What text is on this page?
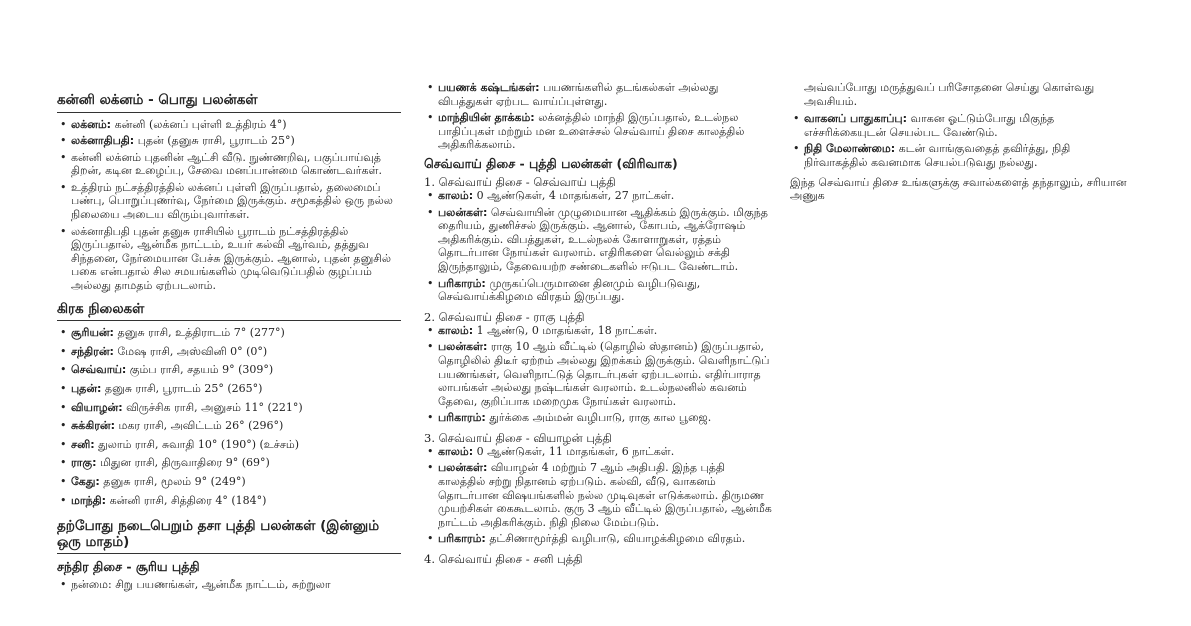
கன்னி லக்னம் - பொது பலன்கள்
• லக்னம்: கன்னி (லக்னப் புள்ளி உத்திரம் 4°)
• லக்னாதிபதி: புதன் (தனுசு ராசி, பூராடம் 25°)
• கன்னி லக்னம் புதனின் ஆட்சி வீடு. நுண்ணறிவு, பகுப்பாய்வுத் திறன், கடின உழைப்பு, சேவை மனப்பான்மை கொண்டவர்கள்.
• உத்திரம் நட்சத்திரத்தில் லக்னப் புள்ளி இருப்பதால், தலைமைப் பண்பு, பொறுப்புணர்வு, நேர்மை இருக்கும். சமூகத்தில் ஒரு நல்ல நிலையை அடைய விரும்புவார்கள்.
• லக்னாதிபதி புதன் தனுசு ராசியில் பூராடம் நட்சத்திரத்தில் இருப்பதால், ஆன்மீக நாட்டம், உயர் கல்வி ஆர்வம், தத்துவ சிந்தனை, நேர்மையான பேச்சு இருக்கும். ஆனால், புதன் தனுசில் பகை என்பதால் சில சமயங்களில் முடிவெடுப்பதில் குழப்பம் அல்லது தாமதம் ஏற்படலாம்.
கிரக நிலைகள்
• சூரியன்: தனுசு ராசி, உத்திராடம் 7° (277°)
• சந்திரன்: மேஷ ராசி, அஸ்வினி 0° (0°)
• செவ்வாய்: கும்ப ராசி, சதயம் 9° (309°)
• புதன்: தனுசு ராசி, பூராடம் 25° (265°)
• வியாழன்: விருச்சிக ராசி, அனுசம் 11° (221°)
• சுக்கிரன்: மகர ராசி, அவிட்டம் 26° (296°)
• சனி: துலாம் ராசி, சுவாதி 10° (190°) (உச்சம்)
• ராகு: மிதுன ராசி, திருவாதிரை 9° (69°)
• கேது: தனுசு ராசி, மூலம் 9° (249°)
• மாந்தி: கன்னி ராசி, சித்திரை 4° (184°)
தற்போது நடைபெறும் தசா புத்தி பலன்கள் (இன்னும் ஒரு மாதம்)
சந்திர திசை - சூரிய புத்தி
• நன்மை: சிறு பயணங்கள், ஆன்மீக நாட்டம், சுற்றுலா
• பயணக் கஷ்டங்கள்: பயணங்களில் தடங்கல்கள் அல்லது விபத்துகள் ஏற்பட வாய்ப்புள்ளது.
• மாந்தியின் தாக்கம்: லக்னத்தில் மாந்தி இருப்பதால், உடல்நல பாதிப்புகள் மற்றும் மன உளைச்சல் செவ்வாய் திசை காலத்தில் அதிகரிக்கலாம்.
செவ்வாய் திசை - புத்தி பலன்கள் (விரிவாக)

1. செவ்வாய் திசை - செவ்வாய் புத்தி

• காலம்: 0 ஆண்டுகள், 4 மாதங்கள், 27 நாட்கள்.
• பலன்கள்: செவ்வாயின் முழுமையான ஆதிக்கம் இருக்கும். மிகுந்த தைரியம், துணிச்சல் இருக்கும். ஆனால், கோபம், ஆக்ரோஷம் அதிகரிக்கும். விபத்துகள், உடல்நலக் கோளாறுகள், ரத்தம் தொடர்பான நோய்கள் வரலாம். எதிரிகளை வெல்லும் சக்தி இருந்தாலும், தேவையற்ற சண்டைகளில் ஈடுபட வேண்டாம்.
• பரிகாரம்: முருகப்பெருமானை தினமும் வழிபடுவது, செவ்வாய்க்கிழமை விரதம் இருப்பது.

2. செவ்வாய் திசை - ராகு புத்தி

• காலம்: 1 ஆண்டு, 0 மாதங்கள், 18 நாட்கள்.
• பலன்கள்: ராகு 10 ஆம் வீட்டில் (தொழில் ஸ்தானம்) இருப்பதால், தொழிலில் திடீர் ஏற்றம் அல்லது இறக்கம் இருக்கும். வெளிநாட்டுப் பயணங்கள், வெளிநாட்டுத் தொடர்புகள் ஏற்படலாம். எதிர்பாராத லாபங்கள் அல்லது நஷ்டங்கள் வரலாம். உடல்நலனில் கவனம் தேவை, குறிப்பாக மறைமுக நோய்கள் வரலாம்.
• பரிகாரம்: துர்க்கை அம்மன் வழிபாடு, ராகு கால பூஜை.

3. செவ்வாய் திசை - வியாழன் புத்தி

• காலம்: 0 ஆண்டுகள், 11 மாதங்கள், 6 நாட்கள்.
• பலன்கள்: வியாழன் 4 மற்றும் 7 ஆம் அதிபதி. இந்த புத்தி காலத்தில் சற்று நிதானம் ஏற்படும். கல்வி, வீடு, வாகனம் தொடர்பான விஷயங்களில் நல்ல முடிவுகள் எடுக்கலாம். திருமண முயற்சிகள் கைகூடலாம். குரு 3 ஆம் வீட்டில் இருப்பதால், ஆன்மீக நாட்டம் அதிகரிக்கும். நிதி நிலை மேம்படும்.
• பரிகாரம்: தட்சிணாமூர்த்தி வழிபாடு, வியாழக்கிழமை விரதம்.

4. செவ்வாய் திசை - சனி புத்தி

அவ்வப்போது மருத்துவப் பரிசோதனை செய்து கொள்வது அவசியம்.

• வாகனப் பாதுகாப்பு: வாகன ஓட்டும்போது மிகுந்த எச்சரிக்கையுடன் செயல்பட வேண்டும்.
• நிதி மேலாண்மை: கடன் வாங்குவதைத் தவிர்த்து, நிதி நிர்வாகத்தில் கவனமாக செயல்படுவது நல்லது.

இந்த செவ்வாய் திசை உங்களுக்கு சவால்களைத் தந்தாலும், சரியான அணுக
